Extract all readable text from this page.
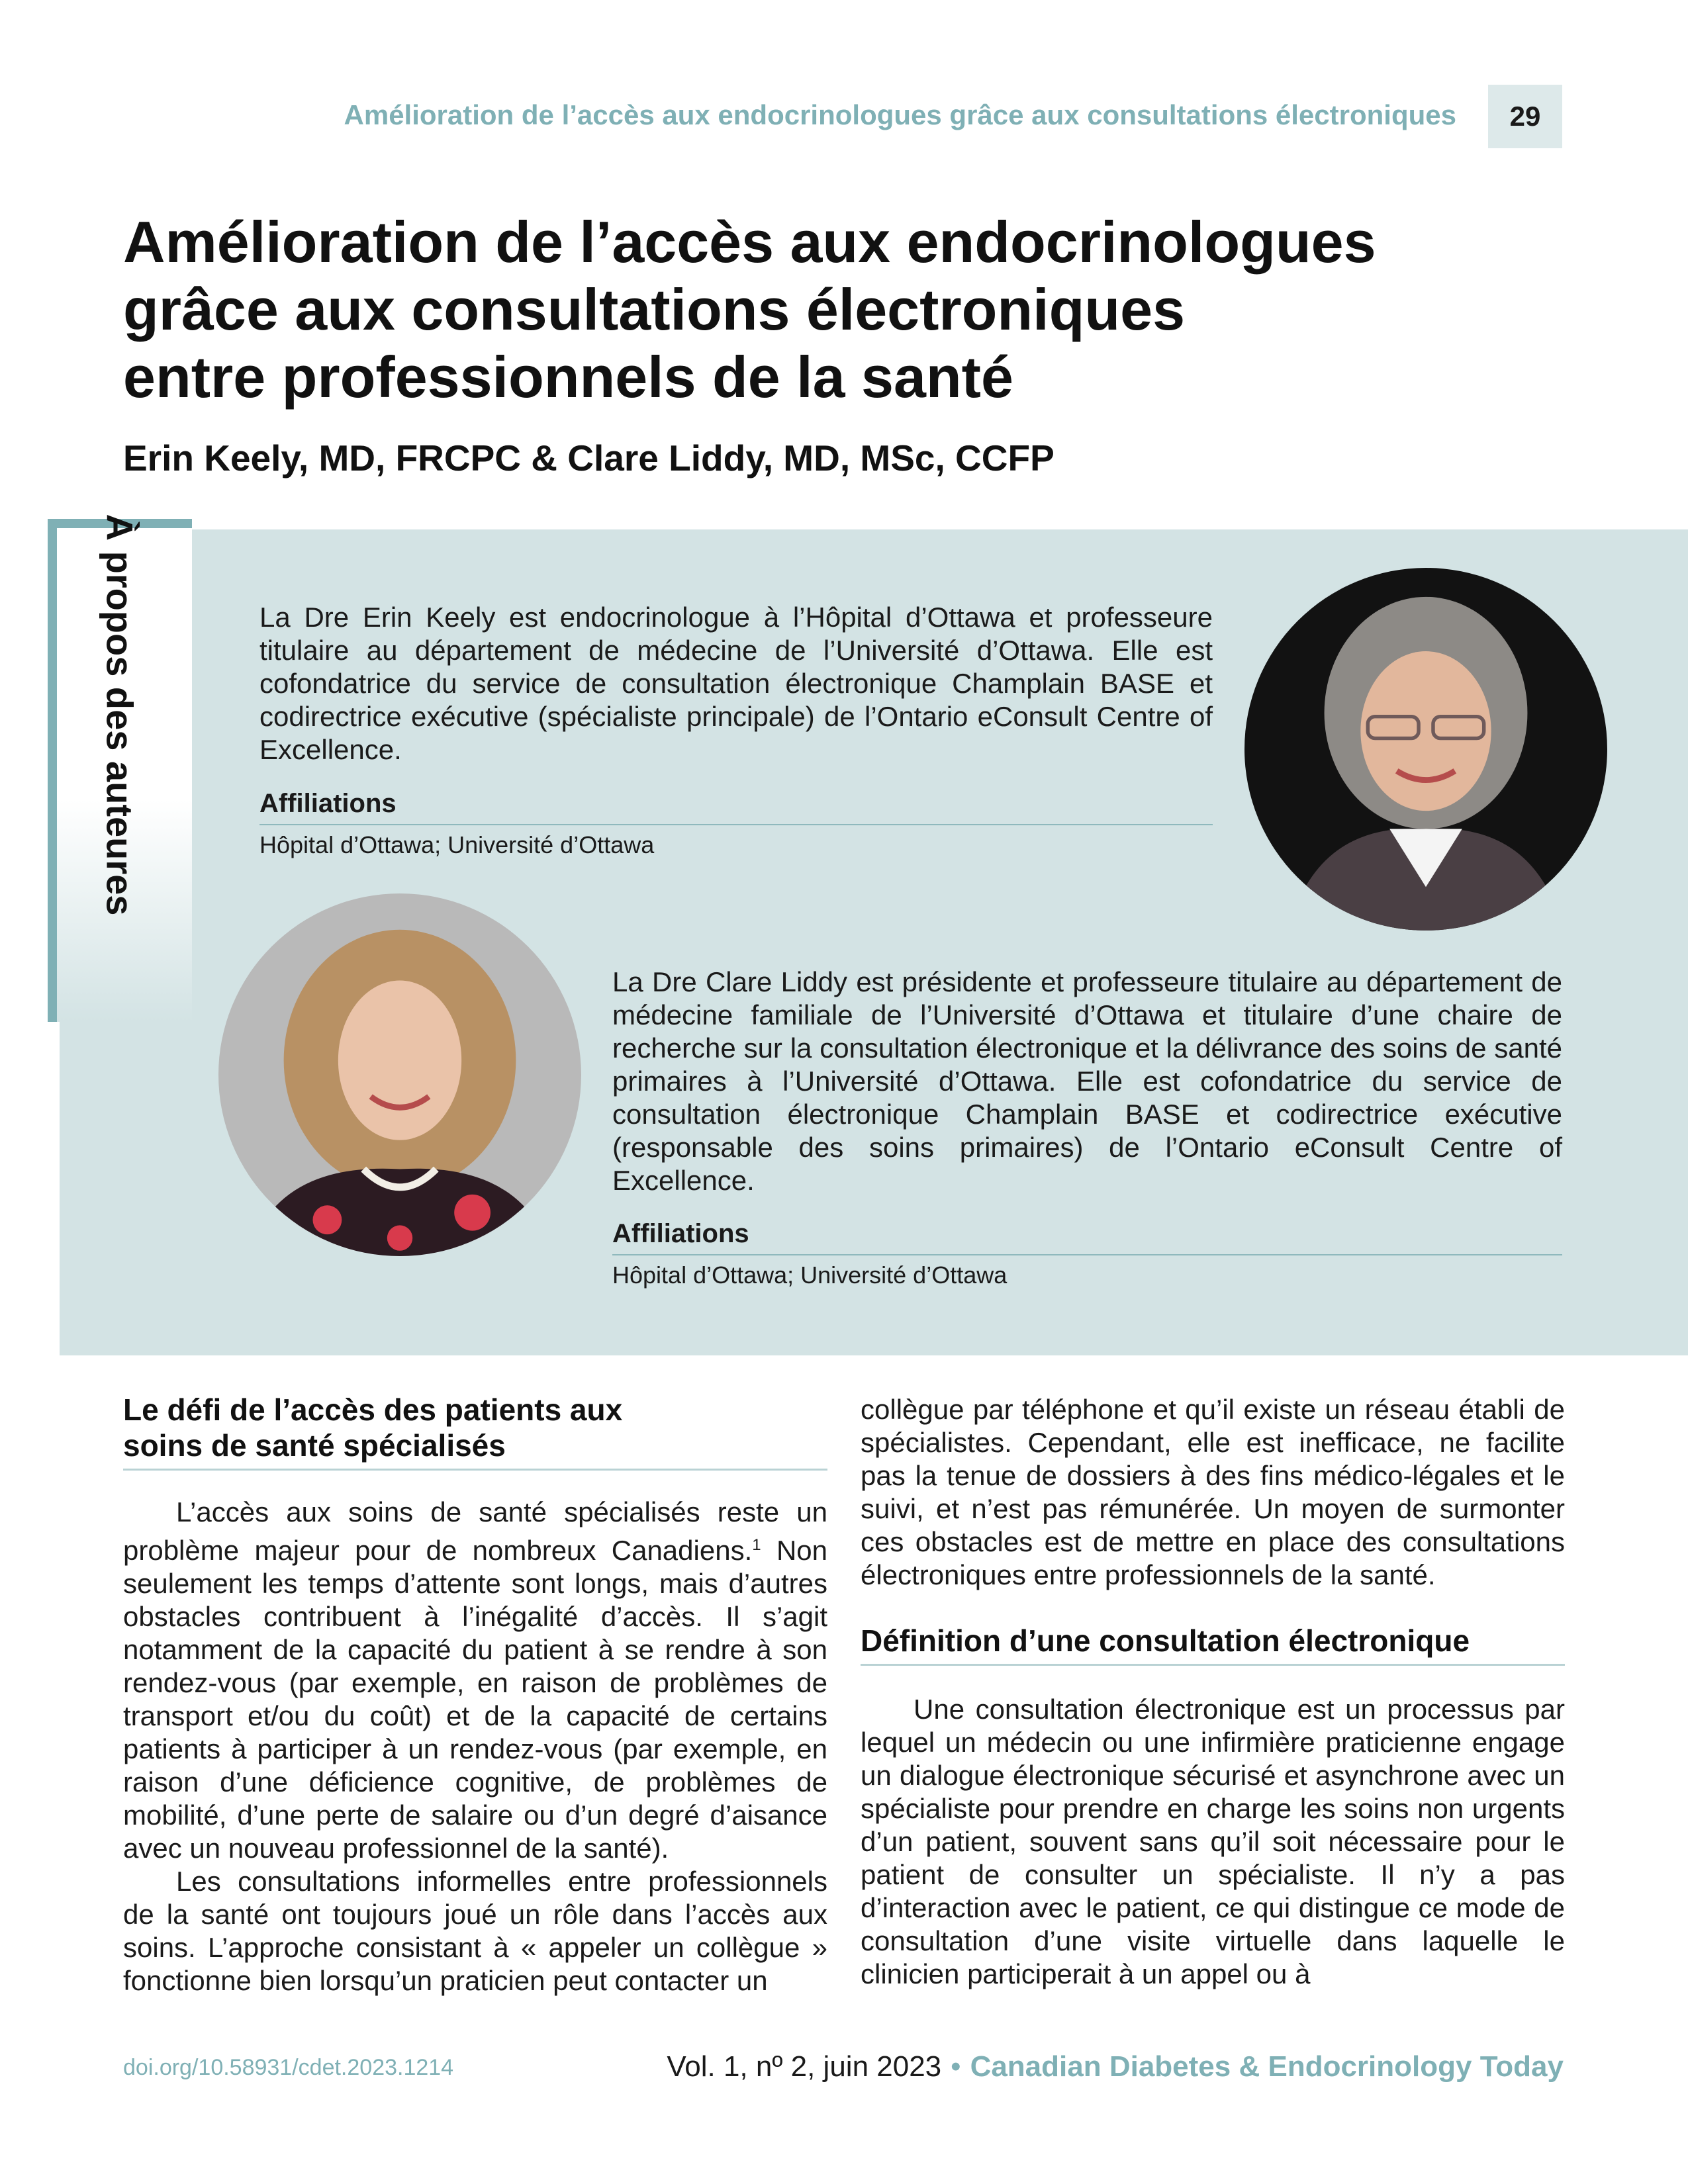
Amélioration de l’accès aux endocrinologues grâce aux consultations électroniques	29
Amélioration de l’accès aux endocrinologues
grâce aux consultations électroniques
entre professionnels de la santé
Erin Keely, MD, FRCPC & Clare Liddy, MD, MSc, CCFP
À propos des auteures	La Dre Erin Keely est endocrinologue à l’Hôpital d’Ottawa et professeure titulaire au département de médecine de l’Université d’Ottawa. Elle est cofondatrice du service de consultation électronique Champlain BASE et codirectrice exécutive (spécialiste principale) de l’Ontario eConsult Centre of Excellence.

Affiliations
Hôpital d’Ottawa; Université d’Ottawa

La Dre Clare Liddy est présidente et professeure titulaire au département de médecine familiale de l’Université d’Ottawa et titulaire d’une chaire de recherche sur la consultation électronique et la délivrance des soins de santé primaires à l’Université d’Ottawa. Elle est cofondatrice du service de consultation électronique Champlain BASE et codirectrice exécutive (responsable des soins primaires) de l’Ontario eConsult Centre of Excellence.

Affiliations
Hôpital d’Ottawa; Université d’Ottawa
Le défi de l’accès des patients aux
soins de santé spécialisés

L’accès aux soins de santé spécialisés reste un problème majeur pour de nombreux Canadiens.$^1$ Non seulement les temps d’attente sont longs, mais d’autres obstacles contribuent à l’inégalité d’accès. Il s’agit notamment de la capacité du patient à se rendre à son rendez-vous (par exemple, en raison de problèmes de transport et/ou du coût) et de la capacité de certains patients à participer à un rendez-vous (par exemple, en raison d’une déficience cognitive, de problèmes de mobilité, d’une perte de salaire ou d’un degré d’aisance avec un nouveau professionnel de la santé).

Les consultations informelles entre professionnels de la santé ont toujours joué un rôle dans l’accès aux soins. L’approche consistant à « appeler un collègue » fonctionne bien lorsqu’un praticien peut contacter un

collègue par téléphone et qu’il existe un réseau établi de spécialistes. Cependant, elle est inefficace, ne facilite pas la tenue de dossiers à des fins médico-légales et le suivi, et n’est pas rémunérée. Un moyen de surmonter ces obstacles est de mettre en place des consultations électroniques entre professionnels de la santé.

Définition d’une consultation électronique

Une consultation électronique est un processus par lequel un médecin ou une infirmière praticienne engage un dialogue électronique sécurisé et asynchrone avec un spécialiste pour prendre en charge les soins non urgents d’un patient, souvent sans qu’il soit nécessaire pour le patient de consulter un spécialiste. Il n’y a pas d’interaction avec le patient, ce qui distingue ce mode de consultation d’une visite virtuelle dans laquelle le clinicien participerait à un appel ou à

doi.org/10.58931/cdet.2023.1214	Vol. 1, nº 2, juin 2023 • Canadian Diabetes & Endocrinology Today
